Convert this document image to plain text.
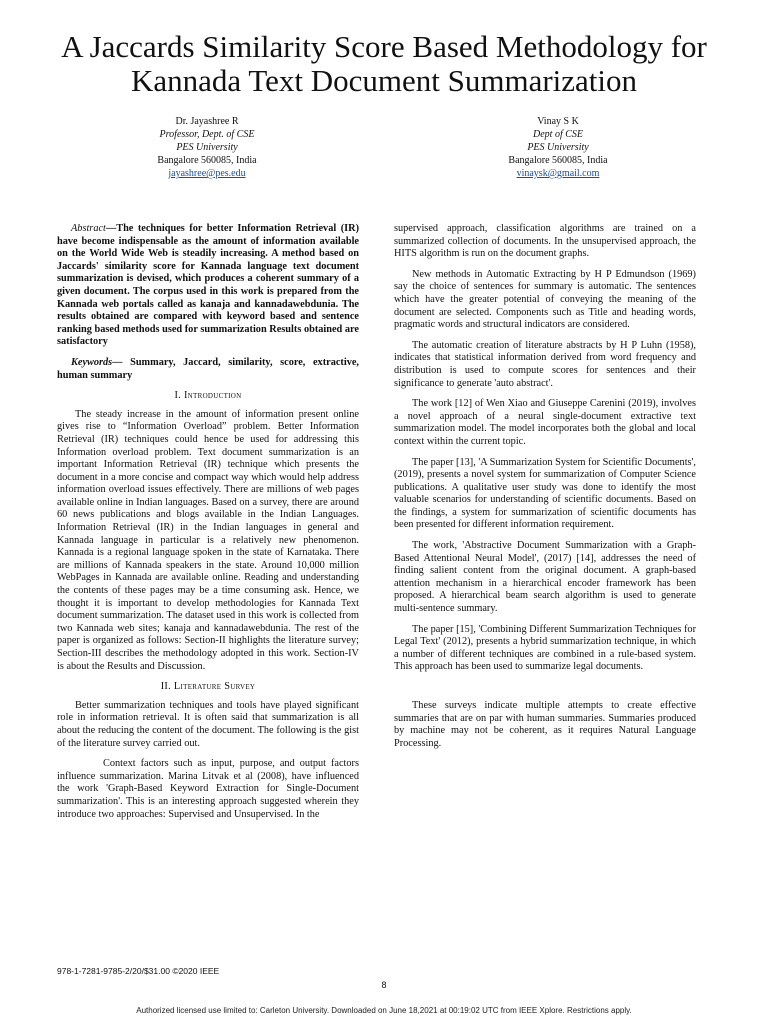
A Jaccards Similarity Score Based Methodology for
Kannada Text Document Summarization
Dr. Jayashree R
Professor, Dept. of CSE
PES University
Bangalore 560085, India
jayashree@pes.edu
Vinay S K
Dept of CSE
PES University
Bangalore 560085, India
vinaysk@gmail.com

Abstract—The techniques for better Information Retrieval (IR) have become indispensable as the amount of information available on the World Wide Web is steadily increasing. A method based on Jaccards' similarity score for Kannada language text document summarization is devised, which produces a coherent summary of a given document. The corpus used in this work is prepared from the Kannada web portals called as kanaja and kannadawebdunia. The results obtained are compared with keyword based and sentence ranking based methods used for summarization Results obtained are satisfactory

Keywords— Summary, Jaccard, similarity, score, extractive, human summary

I. Introduction

The steady increase in the amount of information present online gives rise to “Information Overload” problem. Better Information Retrieval (IR) techniques could hence be used for addressing this Information overload problem. Text document summarization is an important Information Retrieval (IR) technique which presents the document in a more concise and compact way which would help address information overload issues effectively. There are millions of web pages available online in Indian languages. Based on a survey, there are around 60 news publications and blogs available in the Indian Languages. Information Retrieval (IR) in the Indian languages in general and Kannada language in particular is a relatively new phenomenon. Kannada is a regional language spoken in the state of Karnataka. There are millions of Kannada speakers in the state. Around 10,000 million WebPages in Kannada are available online. Reading and understanding the contents of these pages may be a time consuming ask. Hence, we thought it is important to develop methodologies for Kannada Text document summarization. The dataset used in this work is collected from two Kannada web sites; kanaja and kannadawebdunia. The rest of the paper is organized as follows: Section-II highlights the literature survey; Section-III describes the methodology adopted in this work. Section-IV is about the Results and Discussion.

II. Literature Survey

Better summarization techniques and tools have played significant role in information retrieval. It is often said that summarization is all about the reducing the content of the document. The following is the gist of the literature survey carried out.

Context factors such as input, purpose, and output factors influence summarization. Marina Litvak et al (2008), have influenced the work 'Graph-Based Keyword Extraction for Single-Document summarization'. This is an interesting approach suggested wherein they introduce two approaches: Supervised and Unsupervised. In the

supervised approach, classification algorithms are trained on a summarized collection of documents. In the unsupervised approach, the HITS algorithm is run on the document graphs.

New methods in Automatic Extracting by H P Edmundson (1969) say the choice of sentences for summary is automatic. The sentences which have the greater potential of conveying the meaning of the document are selected. Components such as Title and heading words, pragmatic words and structural indicators are considered.

The automatic creation of literature abstracts by H P Luhn (1958), indicates that statistical information derived from word frequency and distribution is used to compute scores for sentences and their significance to generate 'auto abstract'.

The work [12] of Wen Xiao and Giuseppe Carenini (2019), involves a novel approach of a neural single-document extractive text summarization model. The model incorporates both the global and local context within the current topic.

The paper [13], 'A Summarization System for Scientific Documents', (2019), presents a novel system for summarization of Computer Science publications. A qualitative user study was done to identify the most valuable scenarios for understanding of scientific documents. Based on the findings, a system for summarization of scientific documents has been presented for different information requirement.

The work, 'Abstractive Document Summarization with a Graph-Based Attentional Neural Model', (2017) [14], addresses the need of finding salient content from the original document. A graph-based attention mechanism in a hierarchical encoder framework has been proposed. A hierarchical beam search algorithm is used to generate multi-sentence summary.

The paper [15], 'Combining Different Summarization Techniques for Legal Text' (2012), presents a hybrid summarization technique, in which a number of different techniques are combined in a rule-based system. This approach has been used to summarize legal documents.

These surveys indicate multiple attempts to create effective summaries that are on par with human summaries. Summaries produced by machine may not be coherent, as it requires Natural Language Processing.

978-1-7281-9785-2/20/$31.00 ©2020 IEEE
8
Authorized licensed use limited to: Carleton University. Downloaded on June 18,2021 at 00:19:02 UTC from IEEE Xplore. Restrictions apply.
